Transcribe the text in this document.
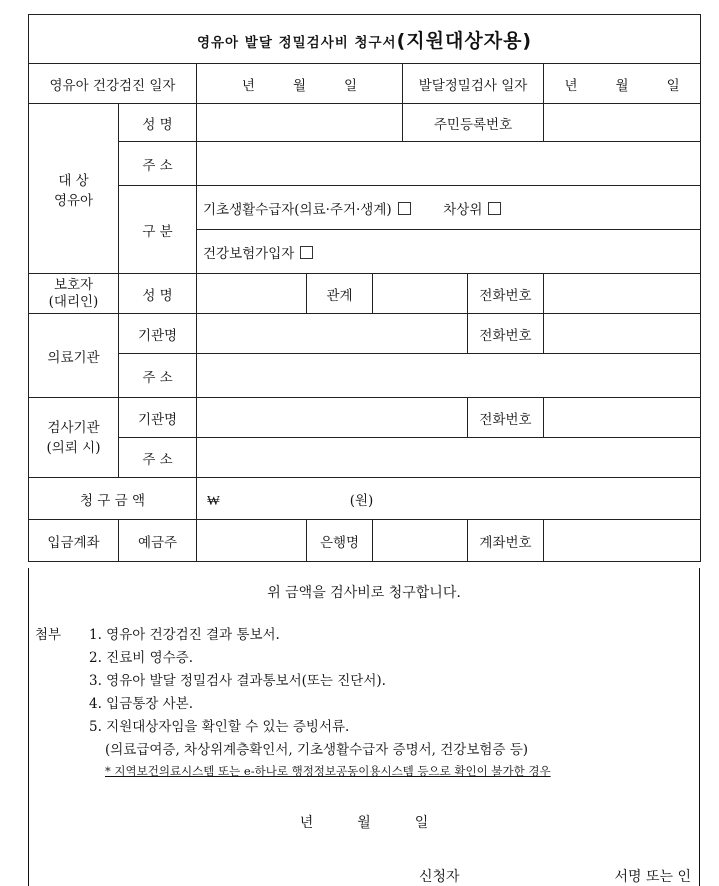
영유아 발달 정밀검사비 청구서(지원대상자용)							
영유아 건강검진 일자		년 월 일			발달정밀검사 일자		년 월 일

대 상
영유아	성 명				주민등록번호		
	주 소						
	구 분	기초생활수급자(의료·주거·생계) 차상위					
		건강보험가입자					

보호자
(대리인)	성 명		관계			전화번호	
의료기관	기관명					전화번호	
	주 소						

검사기관
(의뢰 시)	기관명					전화번호	
	주 소						
청 구 금 액		₩ (원)					
입금계좌	예금주		은행명			계좌번호	
위 금액을 검사비로 청구합니다.
첨부 1. 영유아 건강검진 결과 통보서.
2. 진료비 영수증.
3. 영유아 발달 정밀검사 결과통보서(또는 진단서).
4. 입금통장 사본.
5. 지원대상자임을 확인할 수 있는 증빙서류.
(의료급여증, 차상위계층확인서, 기초생활수급자 증명서, 건강보험증 등)
* 지역보건의료시스템 또는 e-하나로 행정정보공동이용시스템 등으로 확인이 불가한 경우
년	월	일
신청자	서명 또는 인
